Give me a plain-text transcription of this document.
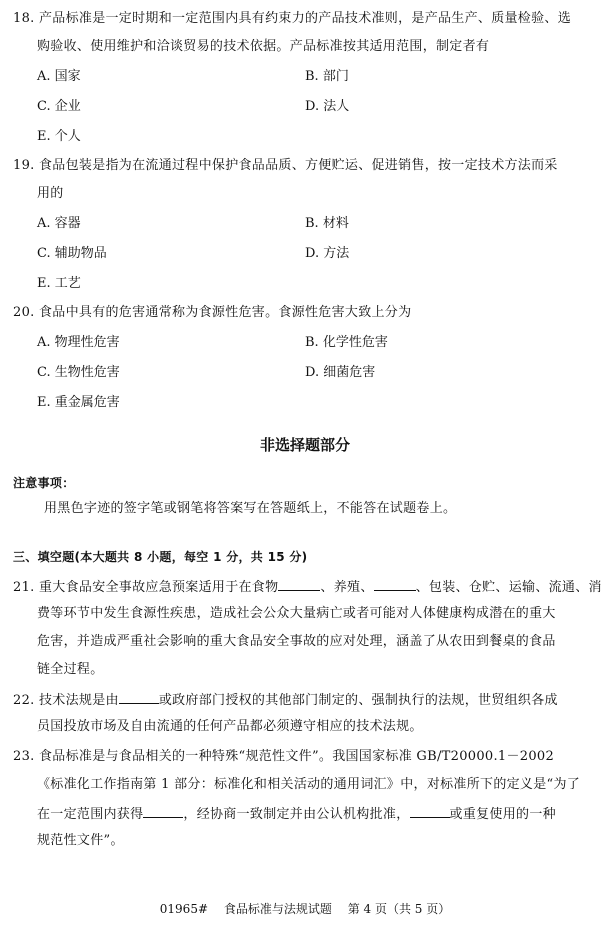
18. 产品标准是一定时期和一定范围内具有约束力的产品技术准则，是产品生产、质量检验、选
购验收、使用维护和洽谈贸易的技术依据。产品标准按其适用范围，制定者有
A. 国家	B. 部门
C. 企业	D. 法人
E. 个人
19. 食品包装是指为在流通过程中保护食品品质、方便贮运、促进销售，按一定技术方法而采
用的
A. 容器	B. 材料
C. 辅助物品	D. 方法
E. 工艺
20. 食品中具有的危害通常称为食源性危害。食源性危害大致上分为
A. 物理性危害	B. 化学性危害
C. 生物性危害	D. 细菌危害
E. 重金属危害
非选择题部分
注意事项：
用黑色字迹的签字笔或钢笔将答案写在答题纸上，不能答在试题卷上。
三、填空题(本大题共 8 小题，每空 1 分，共 15 分)
21. 重大食品安全事故应急预案适用于在食物	、养殖、	、包装、仓贮、运输、流通、消
费等环节中发生食源性疾患，造成社会公众大量病亡或者可能对人体健康构成潜在的重大
危害，并造成严重社会影响的重大食品安全事故的应对处理，涵盖了从农田到餐桌的食品
链全过程。
22. 技术法规是由	或政府部门授权的其他部门制定的、强制执行的法规，世贸组织各成
员国投放市场及自由流通的任何产品都必须遵守相应的技术法规。
23. 食品标准是与食品相关的一种特殊“规范性文件”。我国国家标准 GB/T20000.1－2002
《标准化工作指南第 1 部分：标准化和相关活动的通用词汇》中，对标准所下的定义是“为了
在一定范围内获得	，经协商一致制定并由公认机构批准，	或重复使用的一种
规范性文件”。
01965# 食品标准与法规试题 第 4 页（共 5 页）
